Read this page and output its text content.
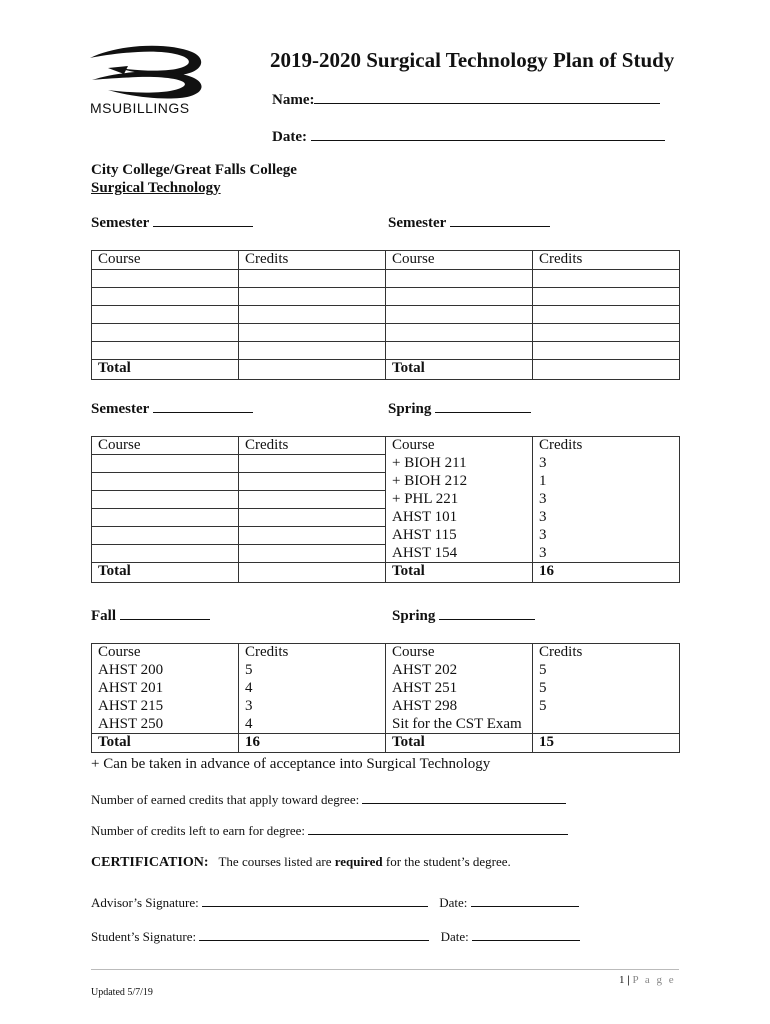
MSUBILLINGS
2019-2020 Surgical Technology Plan of Study
Name:
Date:
City College/Great Falls College
Surgical Technology
Semester	Semester
Course	Credits	Course	Credits

Total		Total	
Semester	Spring
Course	Credits	Course	Credits
		+ BIOH 211	3
		+ BIOH 212	1
		+ PHL 221	3
		AHST 101	3
		AHST 115	3
		AHST 154	3
Total		Total	16
Fall	Spring
Course	Credits	Course	Credits
AHST 200	5	AHST 202	5
AHST 201	4	AHST 251	5
AHST 215	3	AHST 298	5
AHST 250	4	Sit for the CST Exam	
Total	16	Total	15
+ Can be taken in advance of acceptance into Surgical Technology
Number of earned credits that apply toward degree:
Number of credits left to earn for degree:
CERTIFICATION: The courses listed are required for the student’s degree.
Advisor’s Signature:	Date:
Student’s Signature:	Date:
1 | P a g e
Updated 5/7/19
